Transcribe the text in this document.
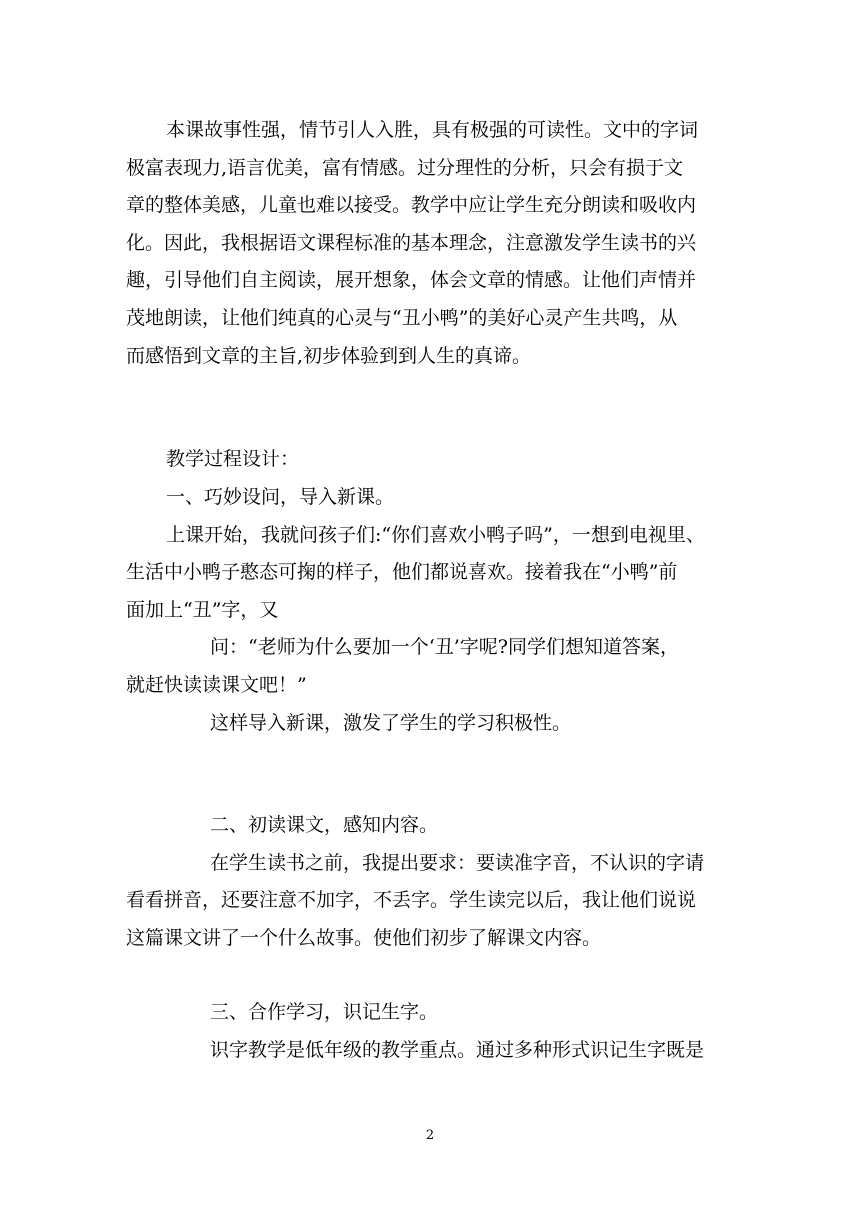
本课故事性强，情节引人入胜，具有极强的可读性。文中的字词
极富表现力,语言优美，富有情感。过分理性的分析，只会有损于文
章的整体美感，儿童也难以接受。教学中应让学生充分朗读和吸收内
化。因此，我根据语文课程标准的基本理念，注意激发学生读书的兴
趣，引导他们自主阅读，展开想象，体会文章的情感。让他们声情并
茂地朗读，让他们纯真的心灵与“丑小鸭”的美好心灵产生共鸣，从
而感悟到文章的主旨,初步体验到到人生的真谛。
教学过程设计：
一、巧妙设问，导入新课。
上课开始，我就问孩子们:“你们喜欢小鸭子吗”，一想到电视里、
生活中小鸭子憨态可掬的样子，他们都说喜欢。接着我在“小鸭”前
面加上“丑”字，又
问：“老师为什么要加一个‘丑’字呢?同学们想知道答案，
就赶快读读课文吧！”
这样导入新课，激发了学生的学习积极性。
二、初读课文，感知内容。
在学生读书之前，我提出要求：要读准字音，不认识的字请
看看拼音，还要注意不加字，不丢字。学生读完以后，我让他们说说
这篇课文讲了一个什么故事。使他们初步了解课文内容。
三、合作学习，识记生字。
识字教学是低年级的教学重点。通过多种形式识记生字既是
2
